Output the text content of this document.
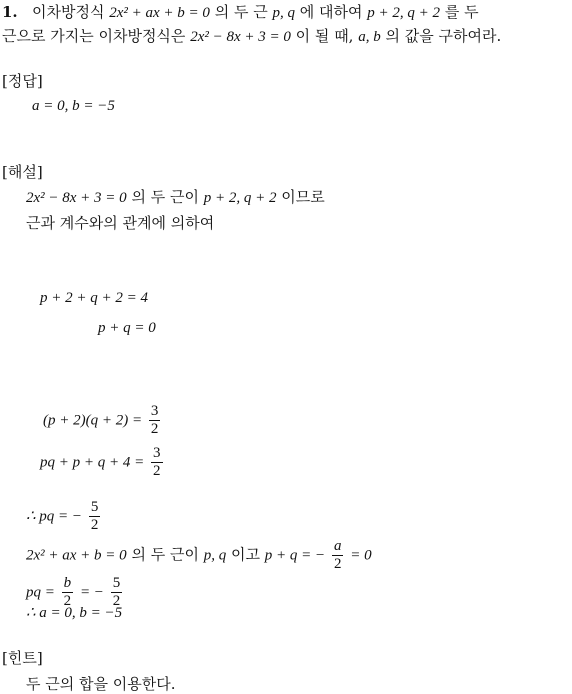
1. 이차방정식 2x² + ax + b = 0 의 두 근 p, q 에 대하여 p + 2, q + 2 를 두
근으로 가지는 이차방정식은 2x² − 8x + 3 = 0 이 될 때, a, b 의 값을 구하여라.
[정답]
a = 0, b = −5
[해설]
2x² − 8x + 3 = 0 의 두 근이 p + 2, q + 2 이므로
근과 계수와의 관계에 의하여
p + 2 + q + 2 = 4
p + q = 0
$(p + 2)(q + 2) = \frac{3}{2}$
pq + $p + q + 4 = \frac{3}{2}$
∴ pq = − $\frac{5}{2}$
2x² + ax + b = 0 의 두 근이 p, q 이고 p + q = − $\frac{a}{2} = 0$
pq = $\frac{b}{2}$ = − $\frac{5}{2}$
∴ a = 0, b = −5
[힌트]
두 근의 합을 이용한다.
